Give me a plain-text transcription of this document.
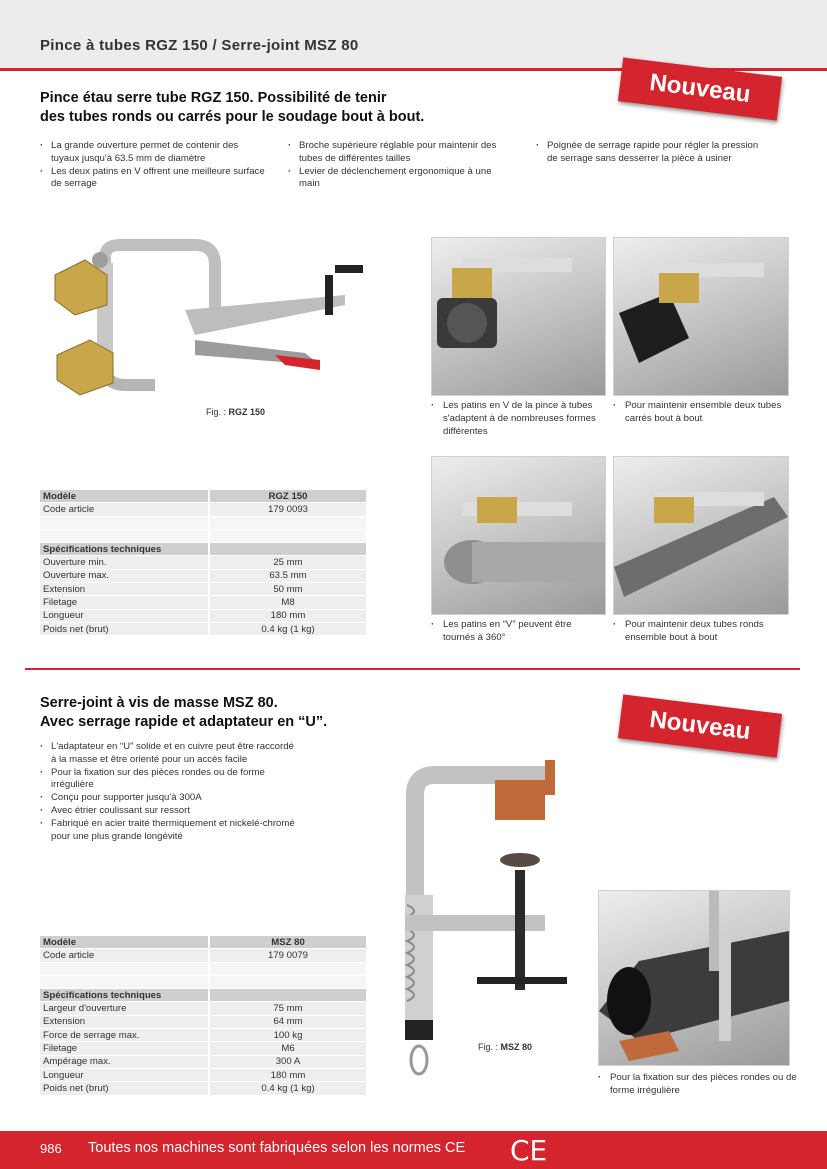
Pince à tubes RGZ 150 / Serre-joint MSZ 80
Pince étau serre tube RGZ 150. Possibilité de tenir
des tubes ronds ou carrés pour le soudage bout à bout.
Nouveau
· La grande ouverture permet de contenir des tuyaux jusqu'à 63.5 mm de diamètre
· Les deux patins en V offrent une meilleure surface de serrage
· Broche supérieure réglable pour maintenir des tubes de différentes tailles
· Levier de déclenchement ergonomique à une main
· Poignée de serrage rapide pour régler la pression de serrage sans desserrer la pièce à usiner
Fig. : RGZ 150
· Les patins en V de la pince à tubes s'adaptent à de nombreuses formes différentes
· Pour maintenir ensemble deux tubes carrés bout à bout
· Les patins en “V” peuvent être tournés à 360°
· Pour maintenir deux tubes ronds ensemble bout à bout
Modèle	RGZ 150
Code article	179 0093

Spécifications techniques	
Ouverture min.	25 mm
Ouverture max.	63.5 mm
Extension	50 mm
Filetage	M8
Longueur	180 mm
Poids net (brut)	0.4 kg (1 kg)
Serre-joint à vis de masse MSZ 80.
Avec serrage rapide et adaptateur en “U”.	Nouveau
· L'adaptateur en “U” solide et en cuivre peut être raccordé à la masse et être orienté pour un accès facile
· Pour la fixation sur des pièces rondes ou de forme irrégulière
· Conçu pour supporter jusqu'à 300A
· Avec étrier coulissant sur ressort
· Fabriqué en acier traité thermiquement et nickelé-chromé pour une plus grande longévité
Fig. : MSZ 80
· Pour la fixation sur des pièces rondes ou de forme irrégulière
Modèle	MSZ 80
Code article	179 0079

Spécifications techniques	
Largeur d'ouverture	75 mm
Extension	64 mm
Force de serrage max.	100 kg
Filetage	M6
Ampérage max.	300 A
Longueur	180 mm
Poids net (brut)	0.4 kg (1 kg)
986 Toutes nos machines sont fabriquées selon les normes CE CE
